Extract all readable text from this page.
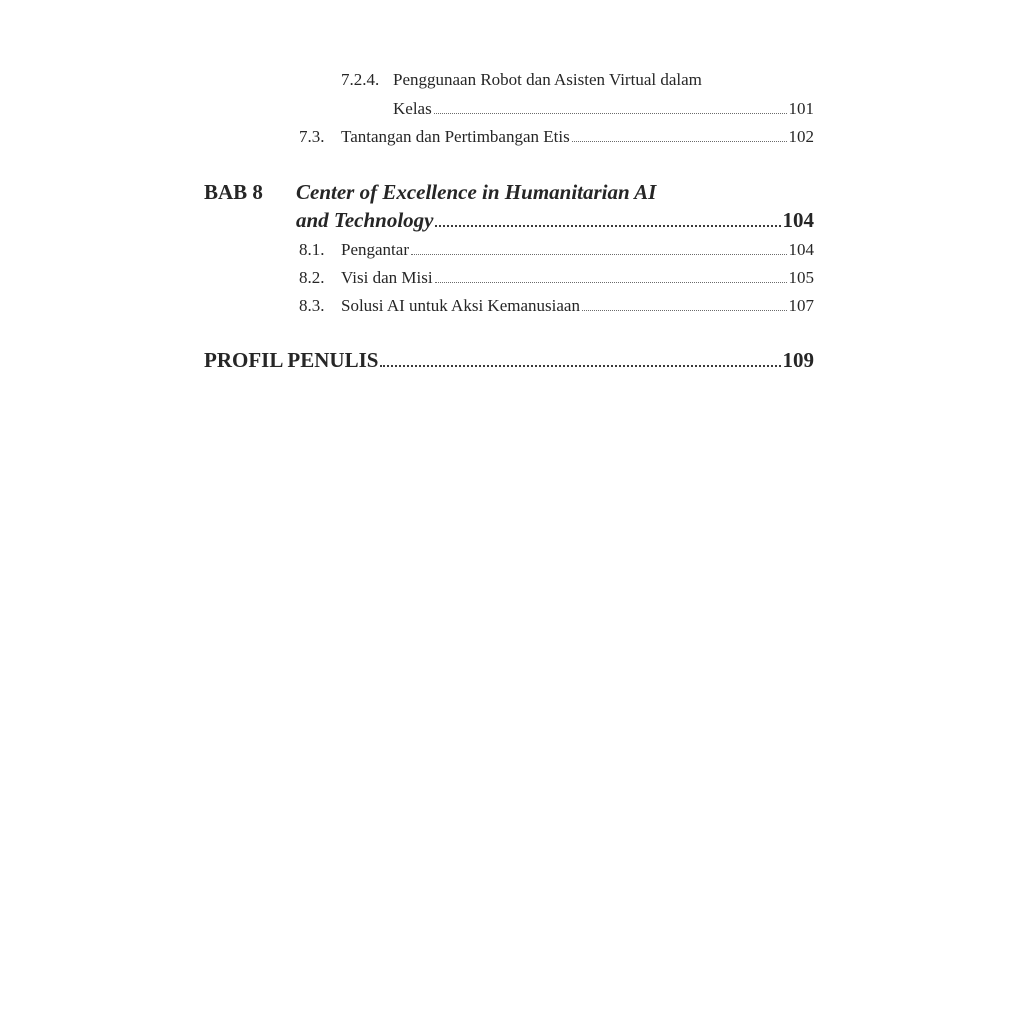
7.2.4. Penggunaan Robot dan Asisten Virtual dalam
Kelas	101
7.3. Tantangan dan Pertimbangan Etis	102
BAB 8 Center of Excellence in Humanitarian AI
and Technology	104
8.1. Pengantar	104
8.2. Visi dan Misi	105
8.3. Solusi AI untuk Aksi Kemanusiaan	107
PROFIL PENULIS	109
